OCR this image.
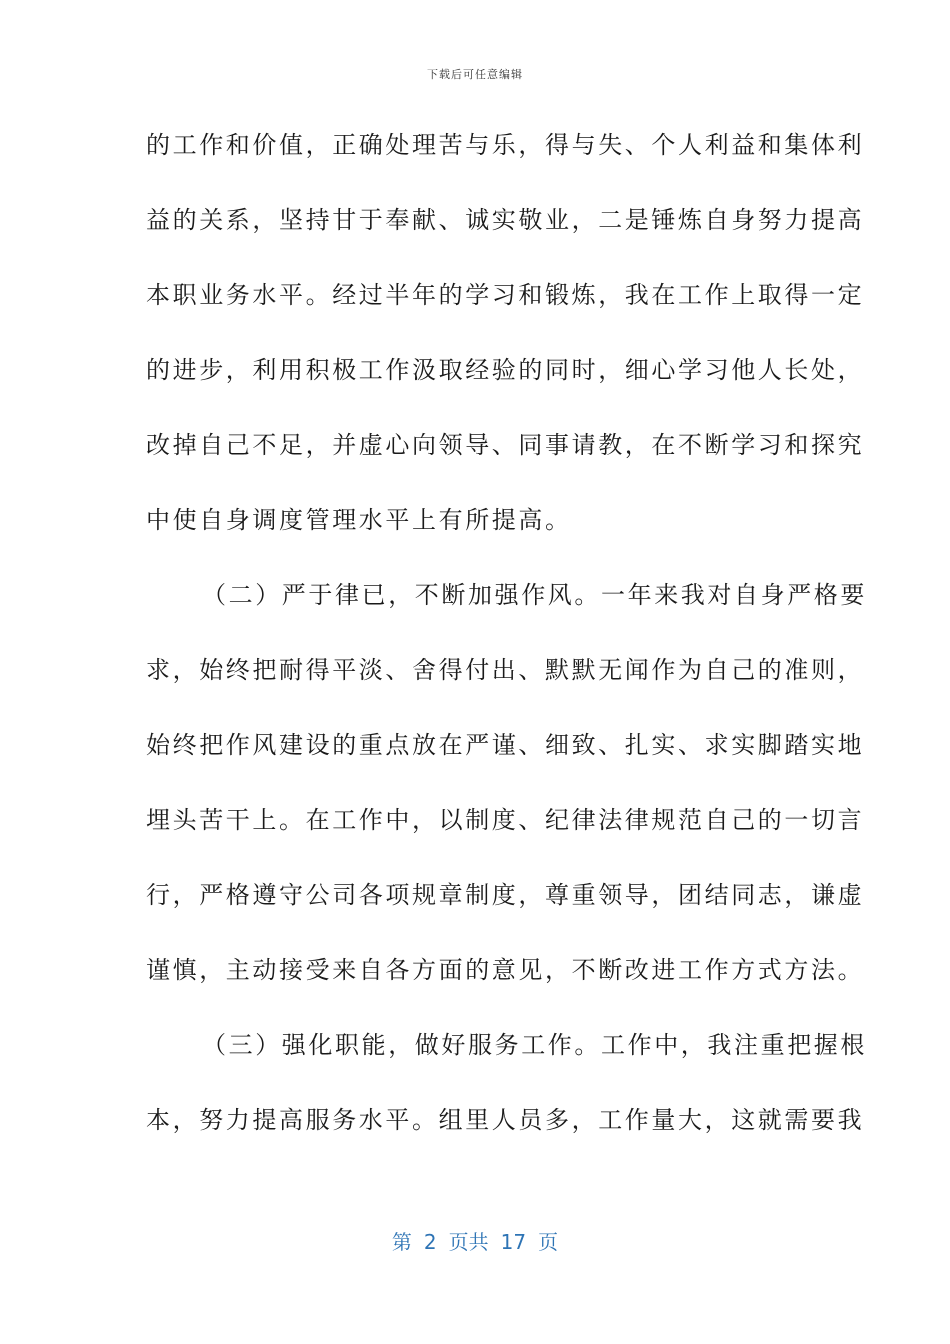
下载后可任意编辑
的工作和价值，正确处理苦与乐，得与失、个人利益和集体利
益的关系，坚持甘于奉献、诚实敬业，二是锤炼自身努力提高
本职业务水平。经过半年的学习和锻炼，我在工作上取得一定
的进步，利用积极工作汲取经验的同时，细心学习他人长处，
改掉自己不足，并虚心向领导、同事请教，在不断学习和探究
中使自身调度管理水平上有所提高。
（二）严于律已，不断加强作风。一年来我对自身严格要
求，始终把耐得平淡、舍得付出、默默无闻作为自己的准则，
始终把作风建设的重点放在严谨、细致、扎实、求实脚踏实地
埋头苦干上。在工作中，以制度、纪律法律规范自己的一切言
行，严格遵守公司各项规章制度，尊重领导，团结同志，谦虚
谨慎，主动接受来自各方面的意见，不断改进工作方式方法。
（三）强化职能，做好服务工作。工作中，我注重把握根
本，努力提高服务水平。组里人员多，工作量大，这就需要我
第 2 页共 17 页
